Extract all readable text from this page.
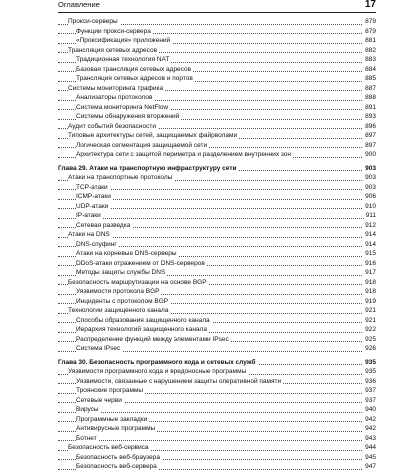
Оглавление	17
Прокси-серверы	879
Функции прокси-сервера	879
«Проксификация» приложений	881
Трансляция сетевых адресов	882
Традиционная технология NAT	883
Базовая трансляция сетевых адресов	884
Трансляция сетевых адресов и портов	885
Системы мониторинга трафика	887
Анализаторы протоколов	888
Система мониторинга NetFlow	891
Системы обнаружения вторжений	893
Аудит событий безопасности	896
Типовые архитектуры сетей, защищаемых файрволами	897
Логическая сегментация защищаемой сети	897
Архитектура сети с защитой периметра и разделением внутренних зон	900
Глава 29. Атаки на транспортную инфраструктуру сети	903
Атаки на транспортные протоколы	903
TCP-атаки	903
ICMP-атаки	906
UDP-атаки	910
IP-атаки	911
Сетевая разведка	912
Атаки на DNS	914
DNS-спуфинг	914
Атаки на корневые DNS-серверы	915
DDoS-атаки отражением от DNS-серверов	916
Методы защиты службы DNS	917
Безопасность маршрутизации на основе BGP	918
Уязвимости протокола BGP	918
Инциденты с протоколом BGP	919
Технологии защищенного канала	921
Способы образования защищенного канала	921
Иерархия технологий защищенного канала	922
Распределение функций между элементами IPsec	925
Система IPsec	926
Глава 30. Безопасность программного кода и сетевых служб	935
Уязвимости программного кода и вредоносные программы	935
Уязвимости, связанные с нарушением защиты оперативной памяти	936
Троянские программы	937
Сетевые черви	937
Вирусы	940
Программные закладки	942
Антивирусные программы	942
Ботнет	943
Безопасность веб-сервиса	944
Безопасность веб-браузера	945
Безопасность веб-сервера	947
